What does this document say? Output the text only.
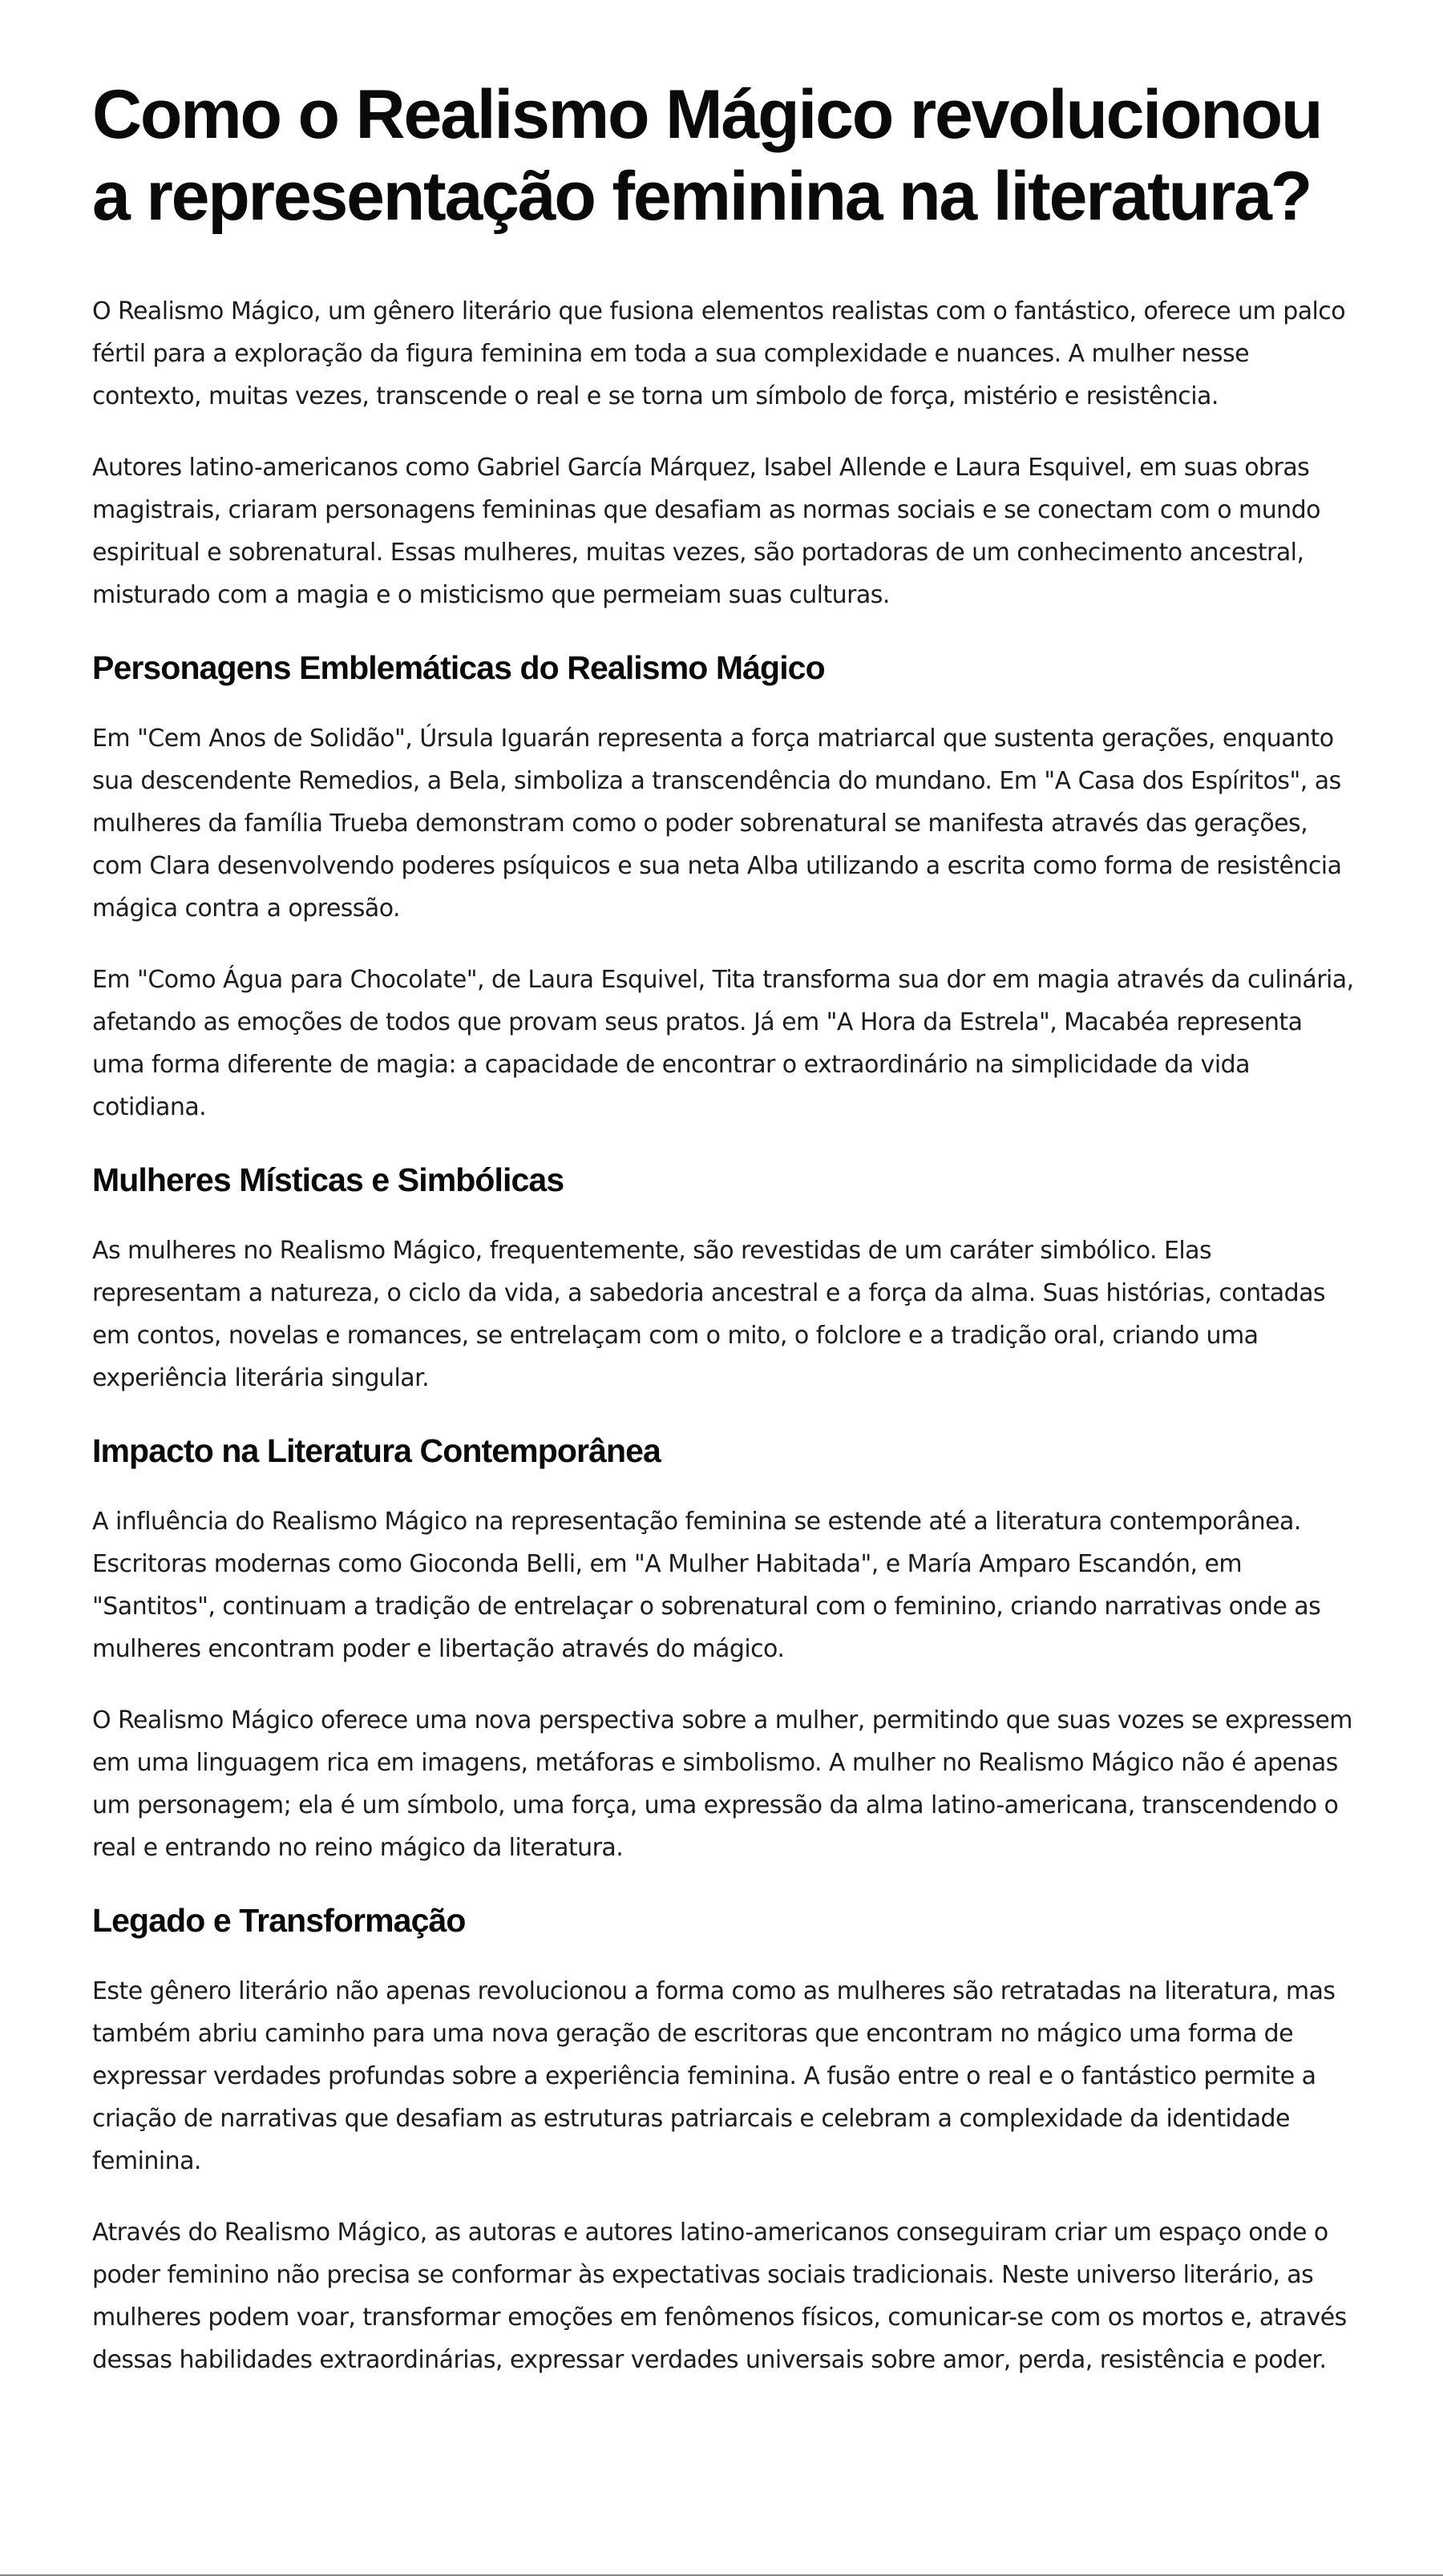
Como o Realismo Mágico revolucionou a representação feminina na literatura?

O Realismo Mágico, um gênero literário que fusiona elementos realistas com o fantástico, oferece um palco fértil para a exploração da figura feminina em toda a sua complexidade e nuances. A mulher nesse contexto, muitas vezes, transcende o real e se torna um símbolo de força, mistério e resistência.

Autores latino-americanos como Gabriel García Márquez, Isabel Allende e Laura Esquivel, em suas obras magistrais, criaram personagens femininas que desafiam as normas sociais e se conectam com o mundo espiritual e sobrenatural. Essas mulheres, muitas vezes, são portadoras de um conhecimento ancestral, misturado com a magia e o misticismo que permeiam suas culturas.

Personagens Emblemáticas do Realismo Mágico

Em "Cem Anos de Solidão", Úrsula Iguarán representa a força matriarcal que sustenta gerações, enquanto sua descendente Remedios, a Bela, simboliza a transcendência do mundano. Em "A Casa dos Espíritos", as mulheres da família Trueba demonstram como o poder sobrenatural se manifesta através das gerações, com Clara desenvolvendo poderes psíquicos e sua neta Alba utilizando a escrita como forma de resistência mágica contra a opressão.

Em "Como Água para Chocolate", de Laura Esquivel, Tita transforma sua dor em magia através da culinária, afetando as emoções de todos que provam seus pratos. Já em "A Hora da Estrela", Macabéa representa uma forma diferente de magia: a capacidade de encontrar o extraordinário na simplicidade da vida cotidiana.

Mulheres Místicas e Simbólicas

As mulheres no Realismo Mágico, frequentemente, são revestidas de um caráter simbólico. Elas representam a natureza, o ciclo da vida, a sabedoria ancestral e a força da alma. Suas histórias, contadas em contos, novelas e romances, se entrelaçam com o mito, o folclore e a tradição oral, criando uma experiência literária singular.

Impacto na Literatura Contemporânea

A influência do Realismo Mágico na representação feminina se estende até a literatura contemporânea. Escritoras modernas como Gioconda Belli, em "A Mulher Habitada", e María Amparo Escandón, em "Santitos", continuam a tradição de entrelaçar o sobrenatural com o feminino, criando narrativas onde as mulheres encontram poder e libertação através do mágico.

O Realismo Mágico oferece uma nova perspectiva sobre a mulher, permitindo que suas vozes se expressem em uma linguagem rica em imagens, metáforas e simbolismo. A mulher no Realismo Mágico não é apenas um personagem; ela é um símbolo, uma força, uma expressão da alma latino-americana, transcendendo o real e entrando no reino mágico da literatura.

Legado e Transformação

Este gênero literário não apenas revolucionou a forma como as mulheres são retratadas na literatura, mas também abriu caminho para uma nova geração de escritoras que encontram no mágico uma forma de expressar verdades profundas sobre a experiência feminina. A fusão entre o real e o fantástico permite a criação de narrativas que desafiam as estruturas patriarcais e celebram a complexidade da identidade feminina.

Através do Realismo Mágico, as autoras e autores latino-americanos conseguiram criar um espaço onde o poder feminino não precisa se conformar às expectativas sociais tradicionais. Neste universo literário, as mulheres podem voar, transformar emoções em fenômenos físicos, comunicar-se com os mortos e, através dessas habilidades extraordinárias, expressar verdades universais sobre amor, perda, resistência e poder.
